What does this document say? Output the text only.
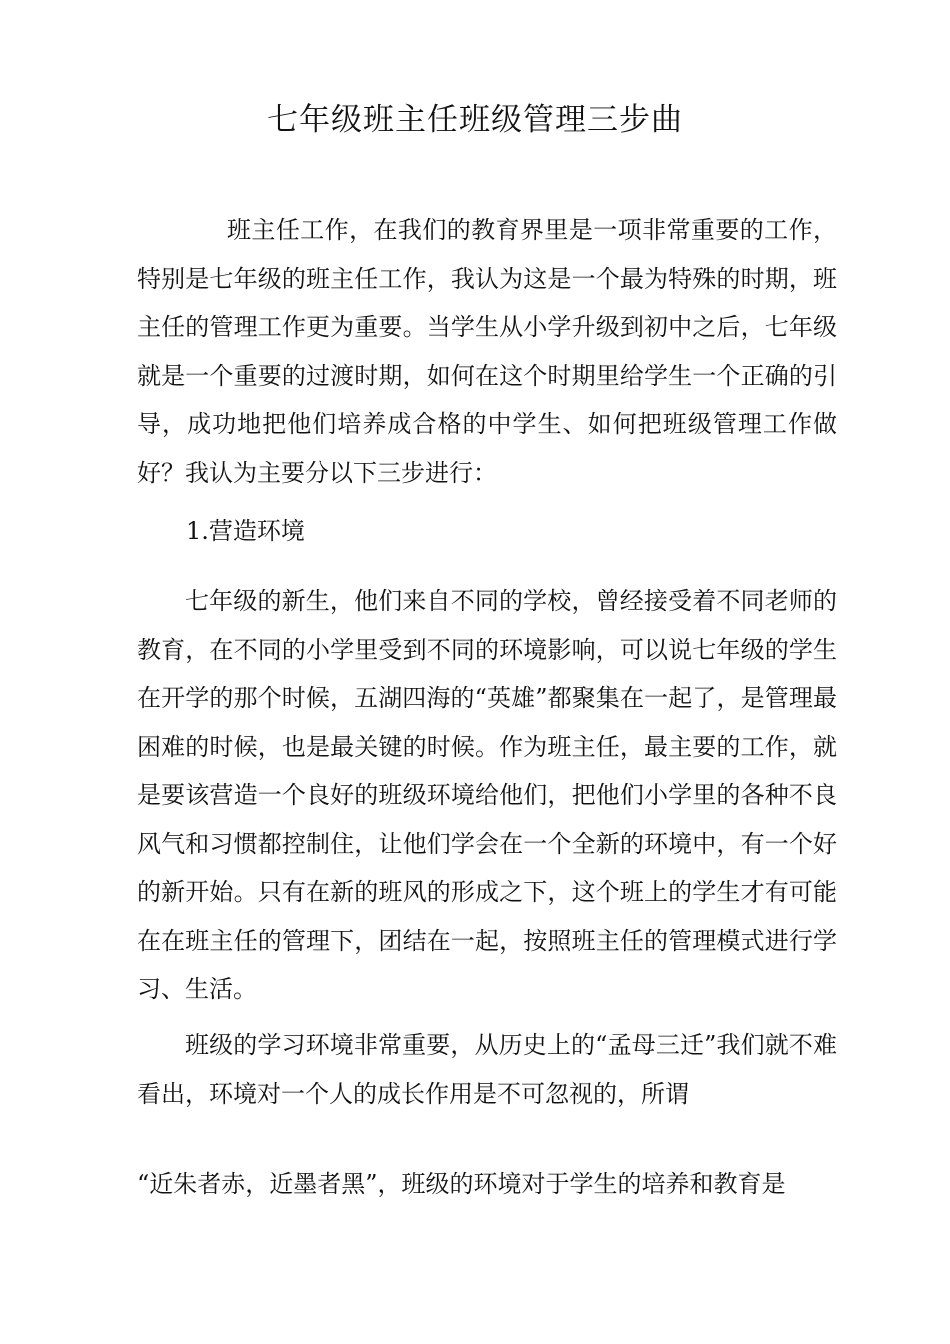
七年级班主任班级管理三步曲

班主任工作，在我们的教育界里是一项非常重要的工作，特别是七年级的班主任工作，我认为这是一个最为特殊的时期，班主任的管理工作更为重要。当学生从小学升级到初中之后，七年级就是一个重要的过渡时期，如何在这个时期里给学生一个正确的引导，成功地把他们培养成合格的中学生、如何把班级管理工作做好？我认为主要分以下三步进行：

1.营造环境

七年级的新生，他们来自不同的学校，曾经接受着不同老师的教育，在不同的小学里受到不同的环境影响，可以说七年级的学生在开学的那个时候，五湖四海的“英雄”都聚集在一起了，是管理最困难的时候，也是最关键的时候。作为班主任，最主要的工作，就是要该营造一个良好的班级环境给他们，把他们小学里的各种不良风气和习惯都控制住，让他们学会在一个全新的环境中，有一个好的新开始。只有在新的班风的形成之下，这个班上的学生才有可能在在班主任的管理下，团结在一起，按照班主任的管理模式进行学习、生活。

班级的学习环境非常重要，从历史上的“孟母三迁”我们就不难看出，环境对一个人的成长作用是不可忽视的，所谓

“近朱者赤，近墨者黑”，班级的环境对于学生的培养和教育是
